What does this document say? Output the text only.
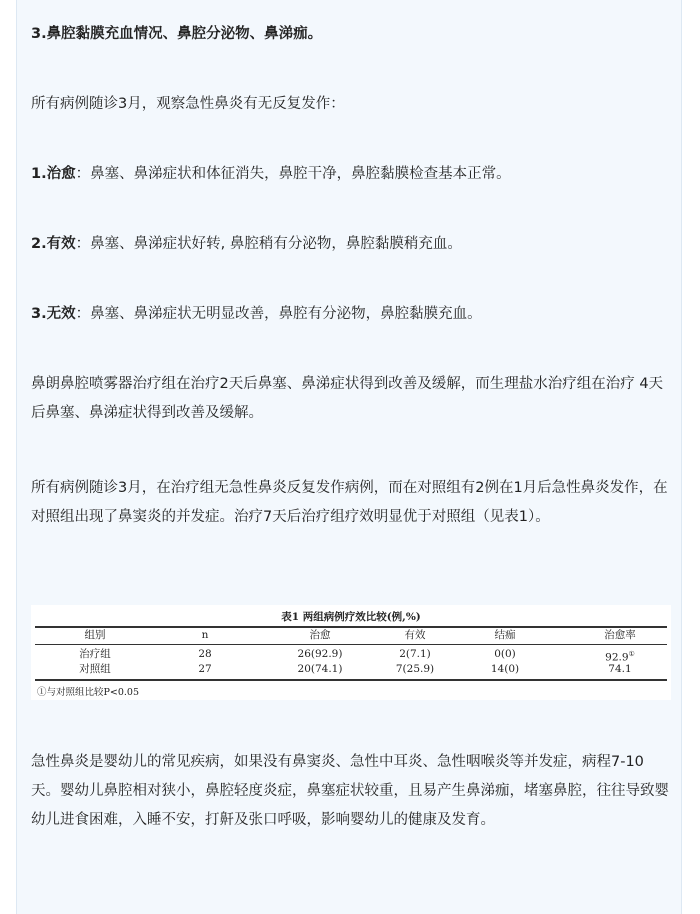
3.鼻腔黏膜充血情况、鼻腔分泌物、鼻涕痂。

所有病例随诊3月，观察急性鼻炎有无反复发作：

1.治愈：鼻塞、鼻涕症状和体征消失，鼻腔干净，鼻腔黏膜检查基本正常。

2.有效：鼻塞、鼻涕症状好转, 鼻腔稍有分泌物，鼻腔黏膜稍充血。

3.无效：鼻塞、鼻涕症状无明显改善，鼻腔有分泌物，鼻腔黏膜充血。

鼻朗鼻腔喷雾器治疗组在治疗2天后鼻塞、鼻涕症状得到改善及缓解，而生理盐水治疗组在治疗 4天后鼻塞、鼻涕症状得到改善及缓解。

所有病例随诊3月，在治疗组无急性鼻炎反复发作病例，而在对照组有2例在1月后急性鼻炎发作，在对照组出现了鼻窦炎的并发症。治疗7天后治疗组疗效明显优于对照组（见表1）。

表1 两组病例疗效比较(例,%)
组别	n	治愈	有效	结痂	治愈率
治疗组	28	26(92.9)	2(7.1)	0(0)	92.9①
对照组	27	20(74.1)	7(25.9)	14(0)	74.1
①与对照组比较P<0.05

急性鼻炎是婴幼儿的常见疾病，如果没有鼻窦炎、急性中耳炎、急性咽喉炎等并发症，病程7-10 天。婴幼儿鼻腔相对狭小，鼻腔轻度炎症，鼻塞症状较重，且易产生鼻涕痂，堵塞鼻腔，往往导致婴幼儿进食困难，入睡不安，打鼾及张口呼吸，影响婴幼儿的健康及发育。
